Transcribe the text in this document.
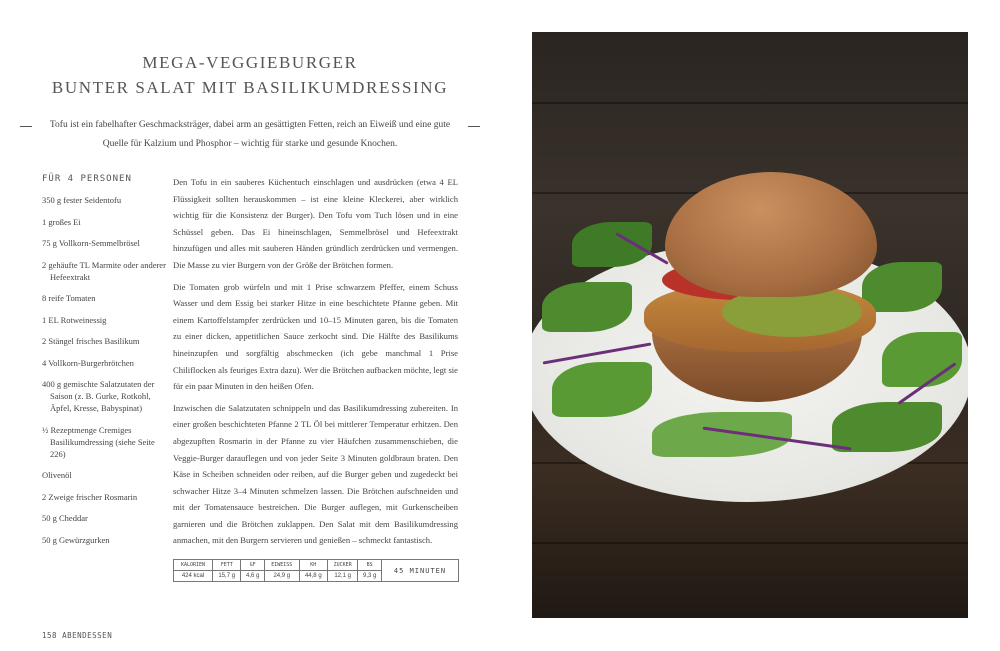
MEGA-VEGGIEBURGER
BUNTER SALAT MIT BASILIKUMDRESSING
Tofu ist ein fabelhafter Geschmacksträger, dabei arm an gesättigten Fetten, reich an Eiweiß und eine gute Quelle für Kalzium und Phosphor – wichtig für starke und gesunde Knochen.
FÜR 4 PERSONEN
350 g fester Seidentofu
1 großes Ei
75 g Vollkorn-Semmelbrösel
2 gehäufte TL Marmite oder anderer Hefeextrakt
8 reife Tomaten
1 EL Rotweinessig
2 Stängel frisches Basilikum
4 Vollkorn-Burgerbrötchen
400 g gemischte Salatzutaten der Saison (z. B. Gurke, Rotkohl, Äpfel, Kresse, Babyspinat)
½ Rezeptmenge Cremiges Basilikumdressing (siehe Seite 226)
Olivenöl
2 Zweige frischer Rosmarin
50 g Cheddar
50 g Gewürzgurken
158 ABENDESSEN

Den Tofu in ein sauberes Küchentuch einschlagen und ausdrücken (etwa 4 EL Flüssigkeit sollten herauskommen – ist eine kleine Kleckerei, aber wirklich wichtig für die Konsistenz der Burger). Den Tofu vom Tuch lösen und in eine Schüssel geben. Das Ei hineinschlagen, Semmelbrösel und Hefeextrakt hinzufügen und alles mit sauberen Händen gründlich zerdrücken und vermengen. Die Masse zu vier Burgern von der Größe der Brötchen formen.

Die Tomaten grob würfeln und mit 1 Prise schwarzem Pfeffer, einem Schuss Wasser und dem Essig bei starker Hitze in eine beschichtete Pfanne geben. Mit einem Kartoffelstampfer zerdrücken und 10–15 Minuten garen, bis die Tomaten zu einer dicken, appetitlichen Sauce zerkocht sind. Die Hälfte des Basilikums hineinzupfen und sorgfältig abschmecken (ich gebe manchmal 1 Prise Chiliflocken als feuriges Extra dazu). Wer die Brötchen aufbacken möchte, legt sie für ein paar Minuten in den heißen Ofen.

Inzwischen die Salatzutaten schnippeln und das Basilikumdressing zubereiten. In einer großen beschichteten Pfanne 2 TL Öl bei mittlerer Temperatur erhitzen. Den abgezupften Rosmarin in der Pfanne zu vier Häufchen zusammenschieben, die Veggie-Burger darauflegen und von jeder Seite 3 Minuten goldbraun braten. Den Käse in Scheiben schneiden oder reiben, auf die Burger geben und zugedeckt bei schwacher Hitze 3–4 Minuten schmelzen lassen. Die Brötchen aufschneiden und mit der Tomatensauce bestreichen. Die Burger auflegen, mit Gurkenscheiben garnieren und die Brötchen zuklappen. Den Salat mit dem Basilikumdressing anmachen, mit den Burgern servieren und genießen – schmeckt fantastisch.

KALORIEN	FETT	GF	EIWEISS	KH	ZUCKER	BS	45 MINUTEN
424 kcal	15,7 g	4,6 g	24,9 g	44,8 g	12,1 g	9,3 g	
